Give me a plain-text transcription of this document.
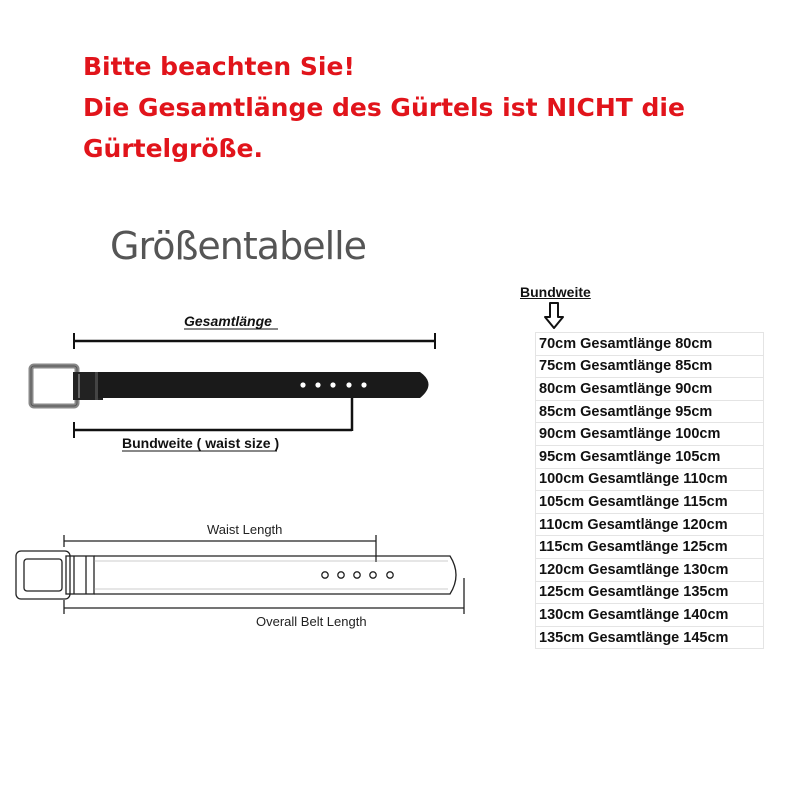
Bitte beachten Sie!
Die Gesamtlänge des Gürtels ist NICHT die
Gürtelgröße.
Größentabelle
Gesamtlänge
Bundweite ( waist size )
Waist Length
Overall Belt Length
Bundweite
70cm Gesamtlänge 80cm
75cm Gesamtlänge 85cm
80cm Gesamtlänge 90cm
85cm Gesamtlänge 95cm
90cm Gesamtlänge 100cm
95cm Gesamtlänge 105cm
100cm Gesamtlänge 110cm
105cm Gesamtlänge 115cm
110cm Gesamtlänge 120cm
115cm Gesamtlänge 125cm
120cm Gesamtlänge 130cm
125cm Gesamtlänge 135cm
130cm Gesamtlänge 140cm
135cm Gesamtlänge 145cm
